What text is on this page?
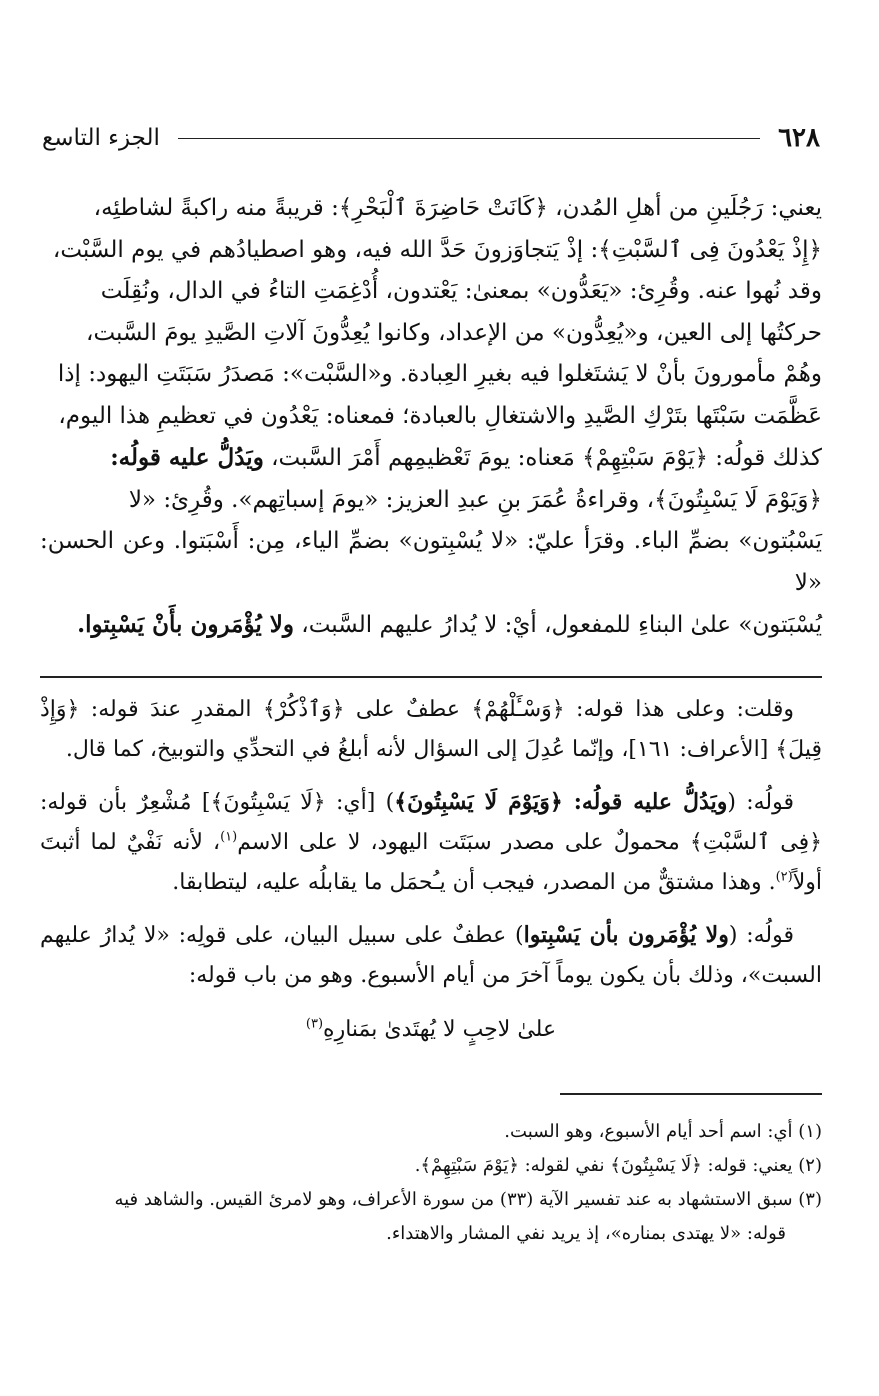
الجزء التاسع	٦٢٨

يعني: رَجُلَينِ من أهلِ المُدن، ﴿كَانَتْ حَاضِرَةَ ٱلْبَحْرِ﴾: قريبةً منه راكبةً لشاطئِه،

﴿إِذْ يَعْدُونَ فِى ٱلسَّبْتِ﴾: إذْ يَتجاوَزونَ حَدَّ الله فيه، وهو اصطيادُهم في يوم السَّبْت،

وقد نُهوا عنه. وقُرِئ: «يَعَدُّون» بمعنىٰ: يَعْتدون، أُدْغِمَتِ التاءُ في الدال، ونُقِلَت

حركتُها إلى العين، و«يُعِدُّون» من الإعداد، وكانوا يُعِدُّونَ آلاتِ الصَّيدِ يومَ السَّبت،

وهُمْ مأمورونَ بأنْ لا يَشتَغلوا فيه بغيرِ العِبادة. و«السَّبْت»: مَصدَرُ سَبَتَتِ اليهود: إذا

عَظَّمَت سَبْتَها بتَرْكِ الصَّيدِ والاشتغالِ بالعبادة؛ فمعناه: يَعْدُون في تعظيمِ هذا اليوم،

كذلك قولُه: ﴿يَوْمَ سَبْتِهِمْ﴾ مَعناه: يومَ تَعْظيمِهم أَمْرَ السَّبت، ويَدُلُّ عليه قولُه:

﴿وَيَوْمَ لَا يَسْبِتُونَ﴾، وقراءةُ عُمَرَ بنِ عبدِ العزيز: «يومَ إسباتِهم». وقُرِئ: «لا

يَسْبُتون» بضمِّ الباء. وقرَأ عليّ: «لا يُسْبِتون» بضمِّ الياء، مِن: أَسْبَتوا. وعن الحسن: «لا

يُسْبَتون» علىٰ البناءِ للمفعول، أيْ: لا يُدارُ عليهم السَّبت، ولا يُؤْمَرون بأَنْ يَسْبِتوا.

وقلت: وعلى هذا قوله: ﴿وَسْـَٔلْهُمْ﴾ عطفٌ على ﴿وَٱذْكُرْ﴾ المقدرِ عندَ قوله: ﴿وَإِذْ قِيلَ﴾ [الأعراف: ١٦١]، وإنّما عُدِلَ إلى السؤال لأنه أبلغُ في التحدِّي والتوبيخ، كما قال.

قولُه: (ويَدُلُّ عليه قولُه: ﴿وَيَوْمَ لَا يَسْبِتُونَ﴾) [أي: ﴿لَا يَسْبِتُونَ﴾] مُشْعِرٌ بأن قوله: ﴿فِى ٱلسَّبْتِ﴾ محمولٌ على مصدر سبَتَت اليهود، لا على الاسم$^{(١)}$، لأنه نَفْيٌ لما أثبتَ أولاً$^{(٢)}$. وهذا مشتقٌّ من المصدر، فيجب أن يـُحمَل ما يقابلُه عليه، ليتطابقا.

قولُه: (ولا يُؤْمَرون بأن يَسْبِتوا) عطفٌ على سبيل البيان، على قولِه: «لا يُدارُ عليهم السبت»، وذلك بأن يكون يوماً آخرَ من أيام الأسبوع. وهو من باب قوله:

علىٰ لاحِبٍ لا يُهتَدىٰ بمَنارِهِ$^{(٣)}$

(١) أي: اسم أحد أيام الأسبوع، وهو السبت.

(٢) يعني: قوله: ﴿لَا يَسْبِتُونَ﴾ نفي لقوله: ﴿يَوْمَ سَبْتِهِمْ﴾.

(٣) سبق الاستشهاد به عند تفسير الآية (٣٣) من سورة الأعراف، وهو لامرئ القيس. والشاهد فيه

قوله: «لا يهتدى بمناره»، إذ يريد نفي المشار والاهتداء.
